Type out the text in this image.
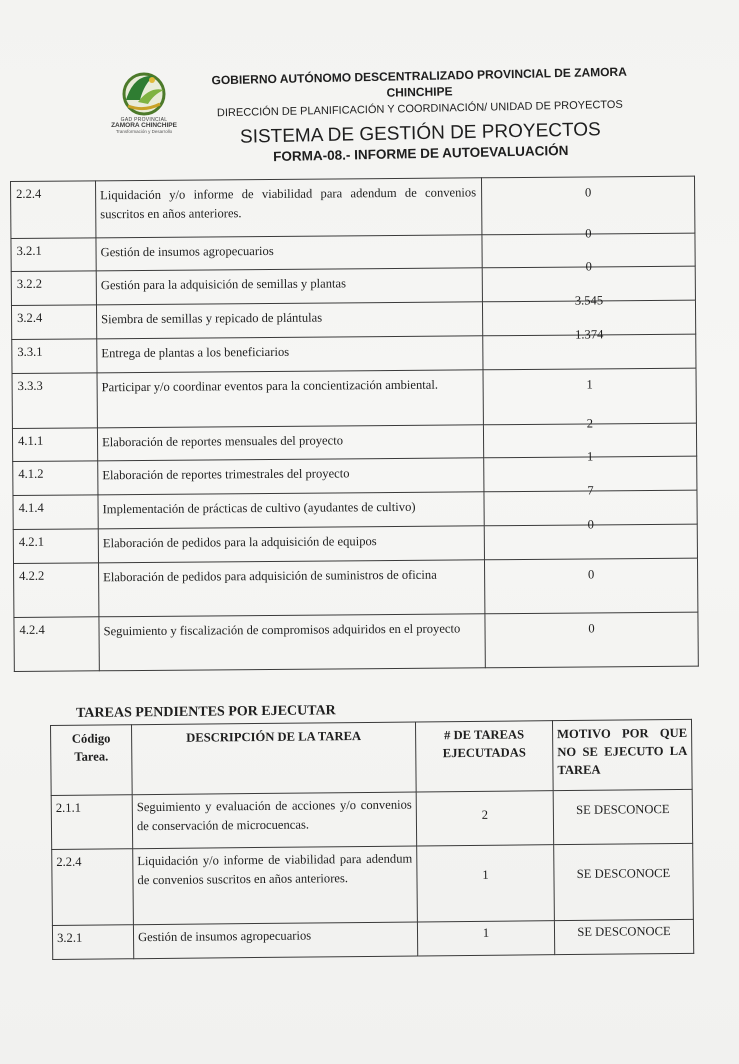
GAD PROVINCIAL
ZAMORA CHINCHIPE
Transformación y Desarrollo
GOBIERNO AUTÓNOMO DESCENTRALIZADO PROVINCIAL DE ZAMORA CHINCHIPE
DIRECCIÓN DE PLANIFICACIÓN Y COORDINACIÓN/ UNIDAD DE PROYECTOS
SISTEMA DE GESTIÓN DE PROYECTOS
FORMA-08.- INFORME DE AUTOEVALUACIÓN
2.2.4	Liquidación y/o informe de viabilidad para adendum de convenios suscritos en años anteriores.	0
3.2.1	Gestión de insumos agropecuarios	0
3.2.2	Gestión para la adquisición de semillas y plantas	0
3.2.4	Siembra de semillas y repicado de plántulas	3.545
3.3.1	Entrega de plantas a los beneficiarios	1.374
3.3.3	Participar y/o coordinar eventos para la concientización ambiental.	1
4.1.1	Elaboración de reportes mensuales del proyecto	2
4.1.2	Elaboración de reportes trimestrales del proyecto	1
4.1.4	Implementación de prácticas de cultivo (ayudantes de cultivo)	7
4.2.1	Elaboración de pedidos para la adquisición de equipos	0
4.2.2	Elaboración de pedidos para adquisición de suministros de oficina	0
4.2.4	Seguimiento y fiscalización de compromisos adquiridos en el proyecto	0
TAREAS PENDIENTES POR EJECUTAR
Código Tarea.	DESCRIPCIÓN DE LA TAREA	# DE TAREAS EJECUTADAS	MOTIVO POR QUE NO SE EJECUTO LA TAREA
2.1.1	Seguimiento y evaluación de acciones y/o convenios de conservación de microcuencas.	2	SE DESCONOCE
2.2.4	Liquidación y/o informe de viabilidad para adendum de convenios suscritos en años anteriores.	1	SE DESCONOCE
3.2.1	Gestión de insumos agropecuarios	1	SE DESCONOCE
